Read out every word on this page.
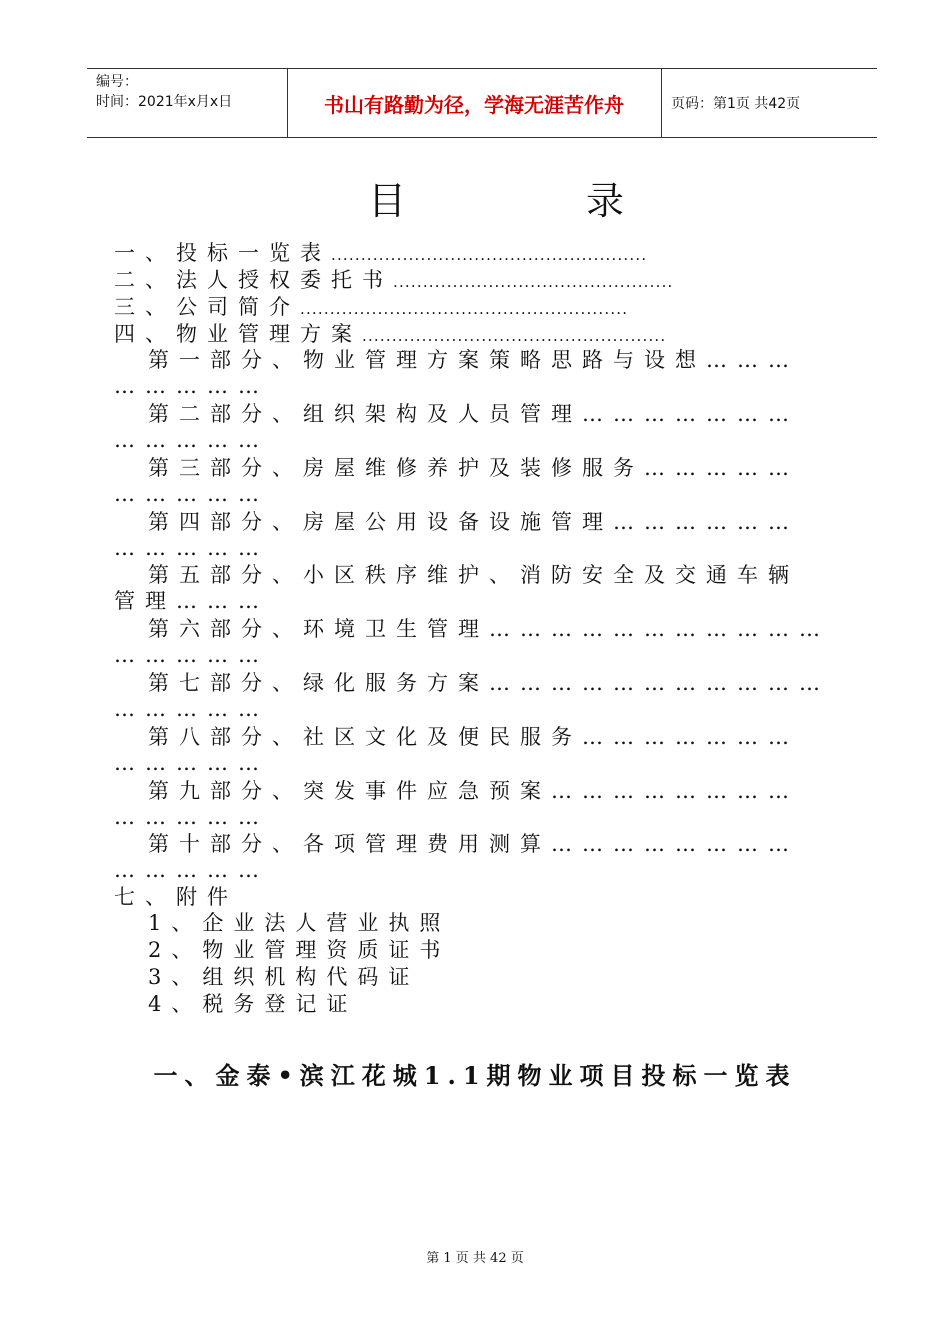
编号：
时间：2021年x月x日	书山有路勤为径，学海无涯苦作舟	页码：第1页 共42页
目	录
一、投标一览表.....................................................
二、法人授权委托书...............................................
三、公司简介.......................................................
四、物业管理方案...................................................
第一部分、物业管理方案策略思路与设想………
……………
第二部分、组织架构及人员管理…………………
……………
第三部分、房屋维修养护及装修服务……………
……………
第四部分、房屋公用设备设施管理………………
……………
第五部分、小区秩序维护、消防安全及交通车辆
管理………
第六部分、环境卫生管理……………………………
……………
第七部分、绿化服务方案……………………………
……………
第八部分、社区文化及便民服务…………………
……………
第九部分、突发事件应急预案……………………
……………
第十部分、各项管理费用测算……………………
……………
七、附件
1、企业法人营业执照
2、物业管理资质证书
3、组织机构代码证
4、税务登记证
一、金泰•滨江花城1.1期物业项目投标一览表
第 1 页 共 42 页
